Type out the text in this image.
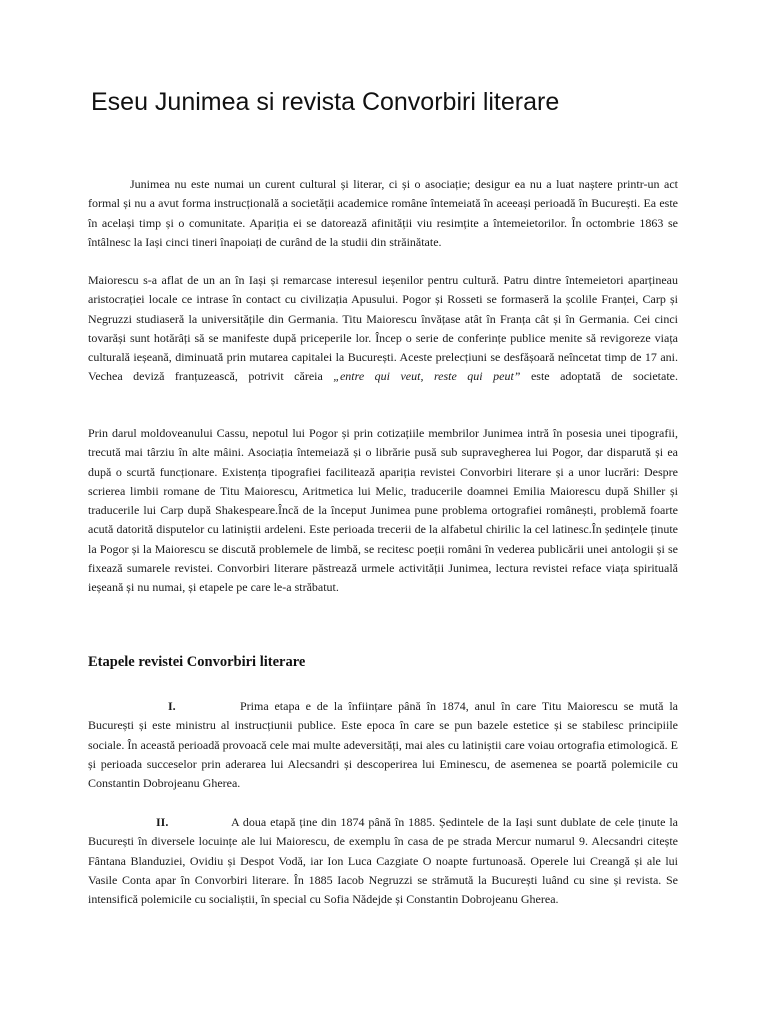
Eseu Junimea si revista Convorbiri literare

Junimea nu este numai un curent cultural și literar, ci și o asociație; desigur ea nu a luat naștere printr-un act formal și nu a avut forma instrucțională a societății academice române întemeiată în aceeași perioadă în București. Ea este în același timp și o comunitate. Apariția ei se datorează afinității viu resimțite a întemeietorilor. În octombrie 1863 se întâlnesc la Iași cinci tineri înapoiați de curând de la studii din străinătate.

Maiorescu s-a aflat de un an în Iași și remarcase interesul ieșenilor pentru cultură. Patru dintre întemeietori aparțineau aristocrației locale ce intrase în contact cu civilizația Apusului. Pogor și Rosseti se formaseră la școlile Franței, Carp și Negruzzi studiaseră la universitățile din Germania. Titu Maiorescu învățase atât în Franța cât și în Germania. Cei cinci tovarăși sunt hotărâți să se manifeste după priceperile lor. Încep o serie de conferințe publice menite să revigoreze viața culturală ieșeană, diminuată prin mutarea capitalei la București. Aceste prelecțiuni se desfășoară neîncetat timp de 17 ani. Vechea deviză franțuzească, potrivit căreia „entre qui veut, reste qui peut” este adoptată de societate.

Prin darul moldoveanului Cassu, nepotul lui Pogor și prin cotizațiile membrilor Junimea intră în posesia unei tipografii, trecută mai târziu în alte mâini. Asociația întemeiază și o librărie pusă sub supravegherea lui Pogor, dar disparută și ea după o scurtă funcționare. Existența tipografiei facilitează apariția revistei Convorbiri literare și a unor lucrări: Despre scrierea limbii romane de Titu Maiorescu, Aritmetica lui Melic, traducerile doamnei Emilia Maiorescu după Shiller și traducerile lui Carp după Shakespeare.Încă de la început Junimea pune problema ortografiei românești, problemă foarte acută datorită disputelor cu latiniștii ardeleni. Este perioada trecerii de la alfabetul chirilic la cel latinesc.În ședințele ținute la Pogor și la Maiorescu se discută problemele de limbă, se recitesc poeții români în vederea publicării unei antologii și se fixează sumarele revistei. Convorbiri literare păstrează urmele activității Junimea, lectura revistei reface viața spirituală ieșeană și nu numai, și etapele pe care le-a străbatut.

Etapele revistei Convorbiri literare

I.	Prima etapa e de la înființare până în 1874, anul în care Titu Maiorescu se mută la București și este ministru al instrucțiunii publice. Este epoca în care se pun bazele estetice și se stabilesc principiile sociale. În această perioadă provoacă cele mai multe adeversități, mai ales cu latiniștii care voiau ortografia etimologică. E și perioada succeselor prin aderarea lui Alecsandri și descoperirea lui Eminescu, de asemenea se poartă polemicile cu Constantin Dobrojeanu Gherea.

II.	A doua etapă ține din 1874 până în 1885. Ședintele de la Iași sunt dublate de cele ținute la București în diversele locuințe ale lui Maiorescu, de exemplu în casa de pe strada Mercur numarul 9. Alecsandri citește Fântana Blanduziei, Ovidiu și Despot Vodă, iar Ion Luca Cazgiate O noapte furtunoasă. Operele lui Creangă și ale lui Vasile Conta apar în Convorbiri literare. În 1885 Iacob Negruzzi se strămută la București luând cu sine și revista. Se intensifică polemicile cu socialiștii, în special cu Sofia Nădejde și Constantin Dobrojeanu Gherea.
